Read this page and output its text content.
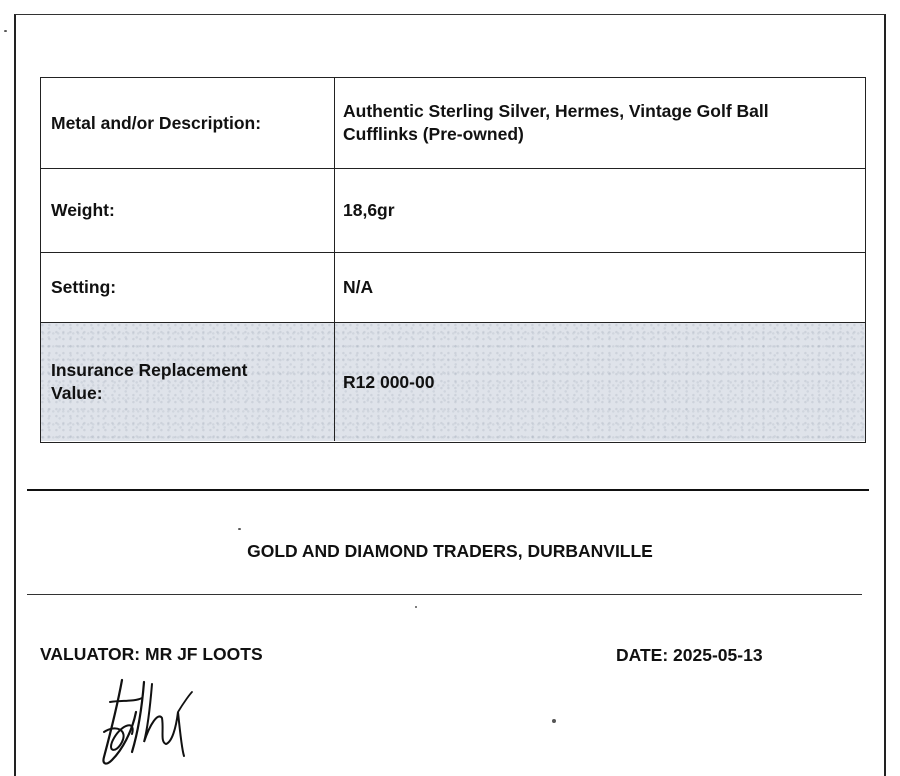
Metal and/or Description:
Authentic Sterling Silver, Hermes, Vintage Golf Ball Cufflinks (Pre-owned)
Weight:	18,6gr
Setting:	N/A
Insurance Replacement Value:
R12 000-00
GOLD AND DIAMOND TRADERS, DURBANVILLE
VALUATOR: MR JF LOOTS	DATE: 2025-05-13
